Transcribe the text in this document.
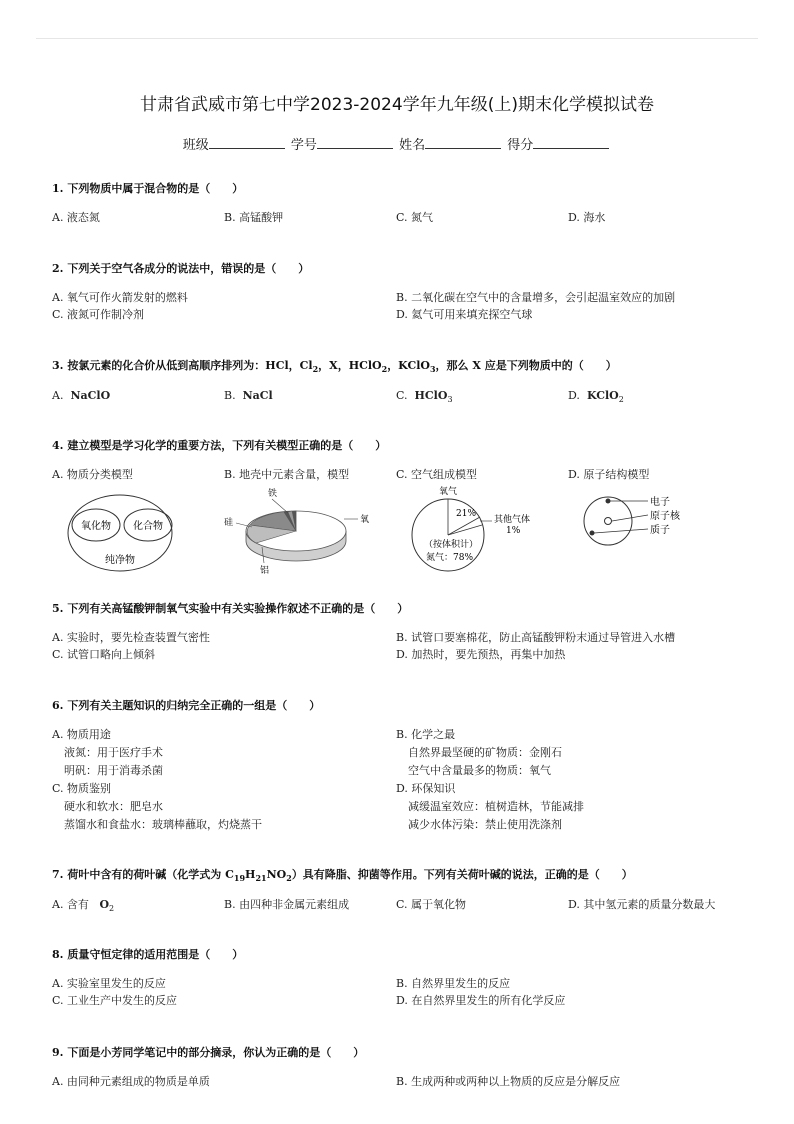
甘肃省武威市第七中学2023-2024学年九年级(上)期末化学模拟试卷
班级	学号	姓名	得分
1. 下列物质中属于混合物的是（　　）
A. 液态氮	B. 高锰酸钾	C. 氮气	D. 海水
2. 下列关于空气各成分的说法中，错误的是（　　）
A. 氧气可作火箭发射的燃料	B. 二氧化碳在空气中的含量增多，会引起温室效应的加剧
C. 液氮可作制冷剂	D. 氦气可用来填充探空气球
3. 按氯元素的化合价从低到高顺序排列为：HCl，$Cl_2$，X，HClO$_2$，KClO$_3$，那么 X 应是下列物质中的（　　）
A. NaClO	B. NaCl	C. HClO$_3$	D. KClO$_2$
4. 建立模型是学习化学的重要方法，下列有关模型正确的是（　　）
A. 物质分类模型	B. 地壳中元素含量，模型	C. 空气组成模型	D. 原子结构模型
氧化物 化合物
纯净物
铁
硅
铝
氧
氧气
21%
其他气体
1%
（按体积计）
氮气：78%
电子
原子核
质子
5. 下列有关高锰酸钾制氧气实验中有关实验操作叙述不正确的是（　　）
A. 实验时，要先检查装置气密性	B. 试管口要塞棉花，防止高锰酸钾粉末通过导管进入水槽
C. 试管口略向上倾斜	D. 加热时，要先预热，再集中加热
6. 下列有关主题知识的归纳完全正确的一组是（　　）
A. 物质用途
液氮：用于医疗手术
明矾：用于消毒杀菌
B. 化学之最
自然界最坚硬的矿物质：金刚石
空气中含量最多的物质：氧气
C. 物质鉴别
硬水和软水：肥皂水
蒸馏水和食盐水：玻璃棒蘸取，灼烧蒸干
D. 环保知识
减缓温室效应：植树造林，节能减排
减少水体污染：禁止使用洗涤剂
7. 荷叶中含有的荷叶碱（化学式为 $C_{19}H_{21}NO_2$）具有降脂、抑菌等作用。下列有关荷叶碱的说法，正确的是（　　）
A. 含有 $O_2$	B. 由四种非金属元素组成	C. 属于氧化物	D. 其中氢元素的质量分数最大
8. 质量守恒定律的适用范围是（　　）
A. 实验室里发生的反应	B. 自然界里发生的反应
C. 工业生产中发生的反应	D. 在自然界里发生的所有化学反应
9. 下面是小芳同学笔记中的部分摘录，你认为正确的是（　　）
A. 由同种元素组成的物质是单质	B. 生成两种或两种以上物质的反应是分解反应
